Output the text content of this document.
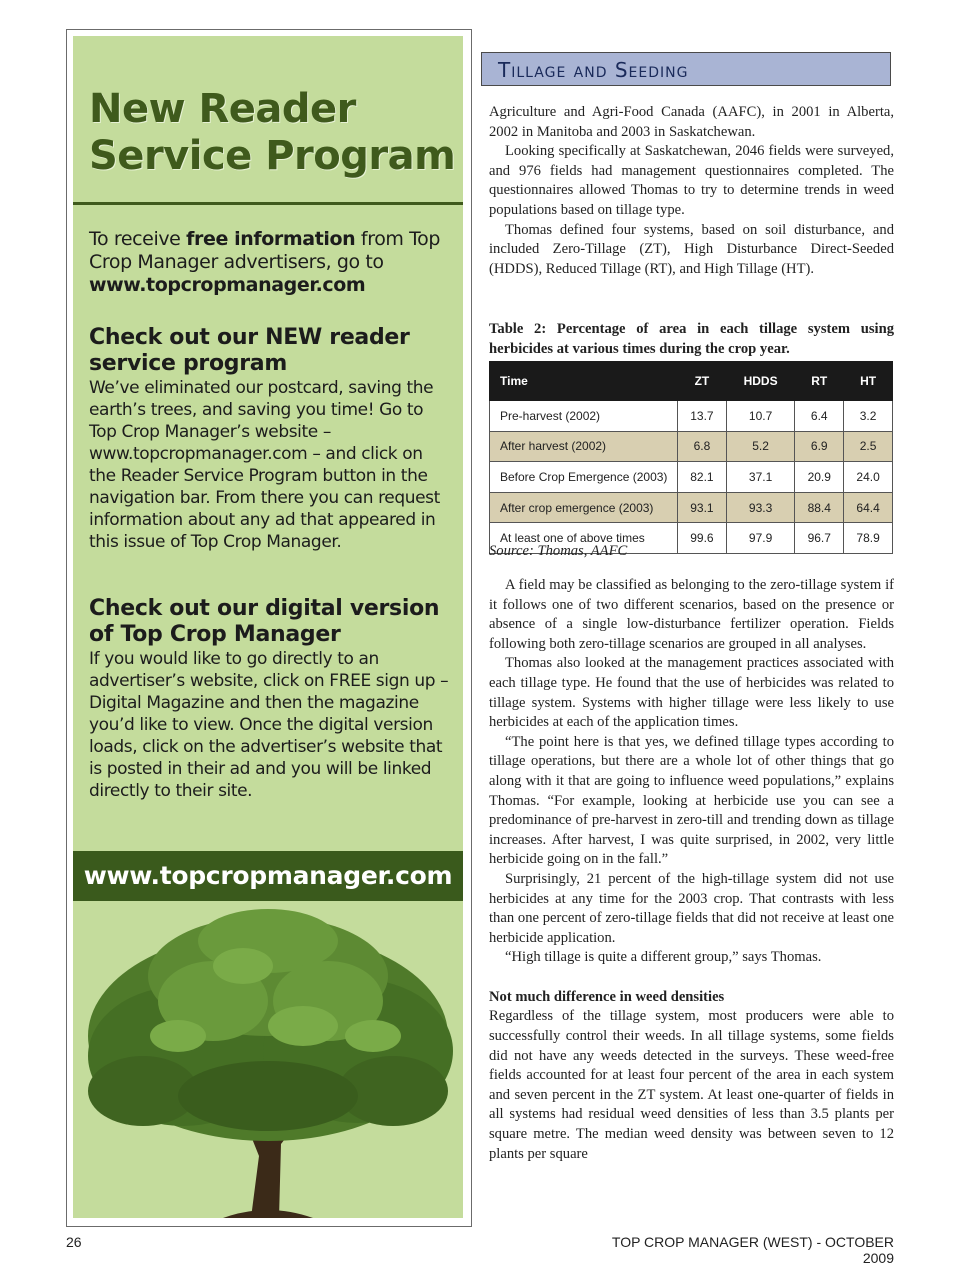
New Reader
Service Program
To receive free information from Top Crop Manager advertisers, go to
www.topcropmanager.com
Check out our NEW reader service program
We’ve eliminated our postcard, saving the earth’s trees, and saving you time! Go to Top Crop Manager’s website – www.topcropmanager.com – and click on the Reader Service Program button in the navigation bar. From there you can request information about any ad that appeared in this issue of Top Crop Manager.
Check out our digital version of Top Crop Manager
If you would like to go directly to an advertiser’s website, click on FREE sign up – Digital Magazine and then the magazine you’d like to view. Once the digital version loads, click on the advertiser’s website that is posted in their ad and you will be linked directly to their site.
www.topcropmanager.com
Tillage and Seeding

Agriculture and Agri-Food Canada (AAFC), in 2001 in Alberta, 2002 in Manitoba and 2003 in Saskatchewan.

Looking specifically at Saskatchewan, 2046 fields were surveyed, and 976 fields had management questionnaires completed. The questionnaires allowed Thomas to try to determine trends in weed populations based on tillage type.

Thomas defined four systems, based on soil disturbance, and included Zero-Tillage (ZT), High Disturbance Direct-Seeded (HDDS), Reduced Tillage (RT), and High Tillage (HT).

Table 2: Percentage of area in each tillage system using herbicides at various times during the crop year.
Time	ZT	HDDS	RT	HT
Pre-harvest (2002)	13.7	10.7	6.4	3.2
After harvest (2002)	6.8	5.2	6.9	2.5
Before Crop Emergence (2003)	82.1	37.1	20.9	24.0
After crop emergence (2003)	93.1	93.3	88.4	64.4
At least one of above times	99.6	97.9	96.7	78.9
Source: Thomas, AAFC

A field may be classified as belonging to the zero-tillage system if it follows one of two different scenarios, based on the presence or absence of a single low-disturbance fertilizer operation. Fields following both zero-tillage scenarios are grouped in all analyses.

Thomas also looked at the management practices associated with each tillage type. He found that the use of herbicides was related to tillage system. Systems with higher tillage were less likely to use herbicides at each of the application times.

“The point here is that yes, we defined tillage types according to tillage operations, but there are a whole lot of other things that go along with it that are going to influence weed populations,” explains Thomas. “For example, looking at herbicide use you can see a predominance of pre-harvest in zero-till and trending down as tillage increases. After harvest, I was quite surprised, in 2002, very little herbicide going on in the fall.”

Surprisingly, 21 percent of the high-tillage system did not use herbicides at any time for the 2003 crop. That contrasts with less than one percent of zero-tillage fields that did not receive at least one herbicide application.

“High tillage is quite a different group,” says Thomas.

Not much difference in weed densities

Regardless of the tillage system, most producers were able to successfully control their weeds. In all tillage systems, some fields did not have any weeds detected in the surveys. These weed-free fields accounted for at least four percent of the area in each system and seven percent in the ZT system. At least one-quarter of fields in all systems had residual weed densities of less than 3.5 plants per square metre. The median weed density was between seven to 12 plants per square

26	TOP CROP MANAGER (WEST) - OCTOBER 2009
